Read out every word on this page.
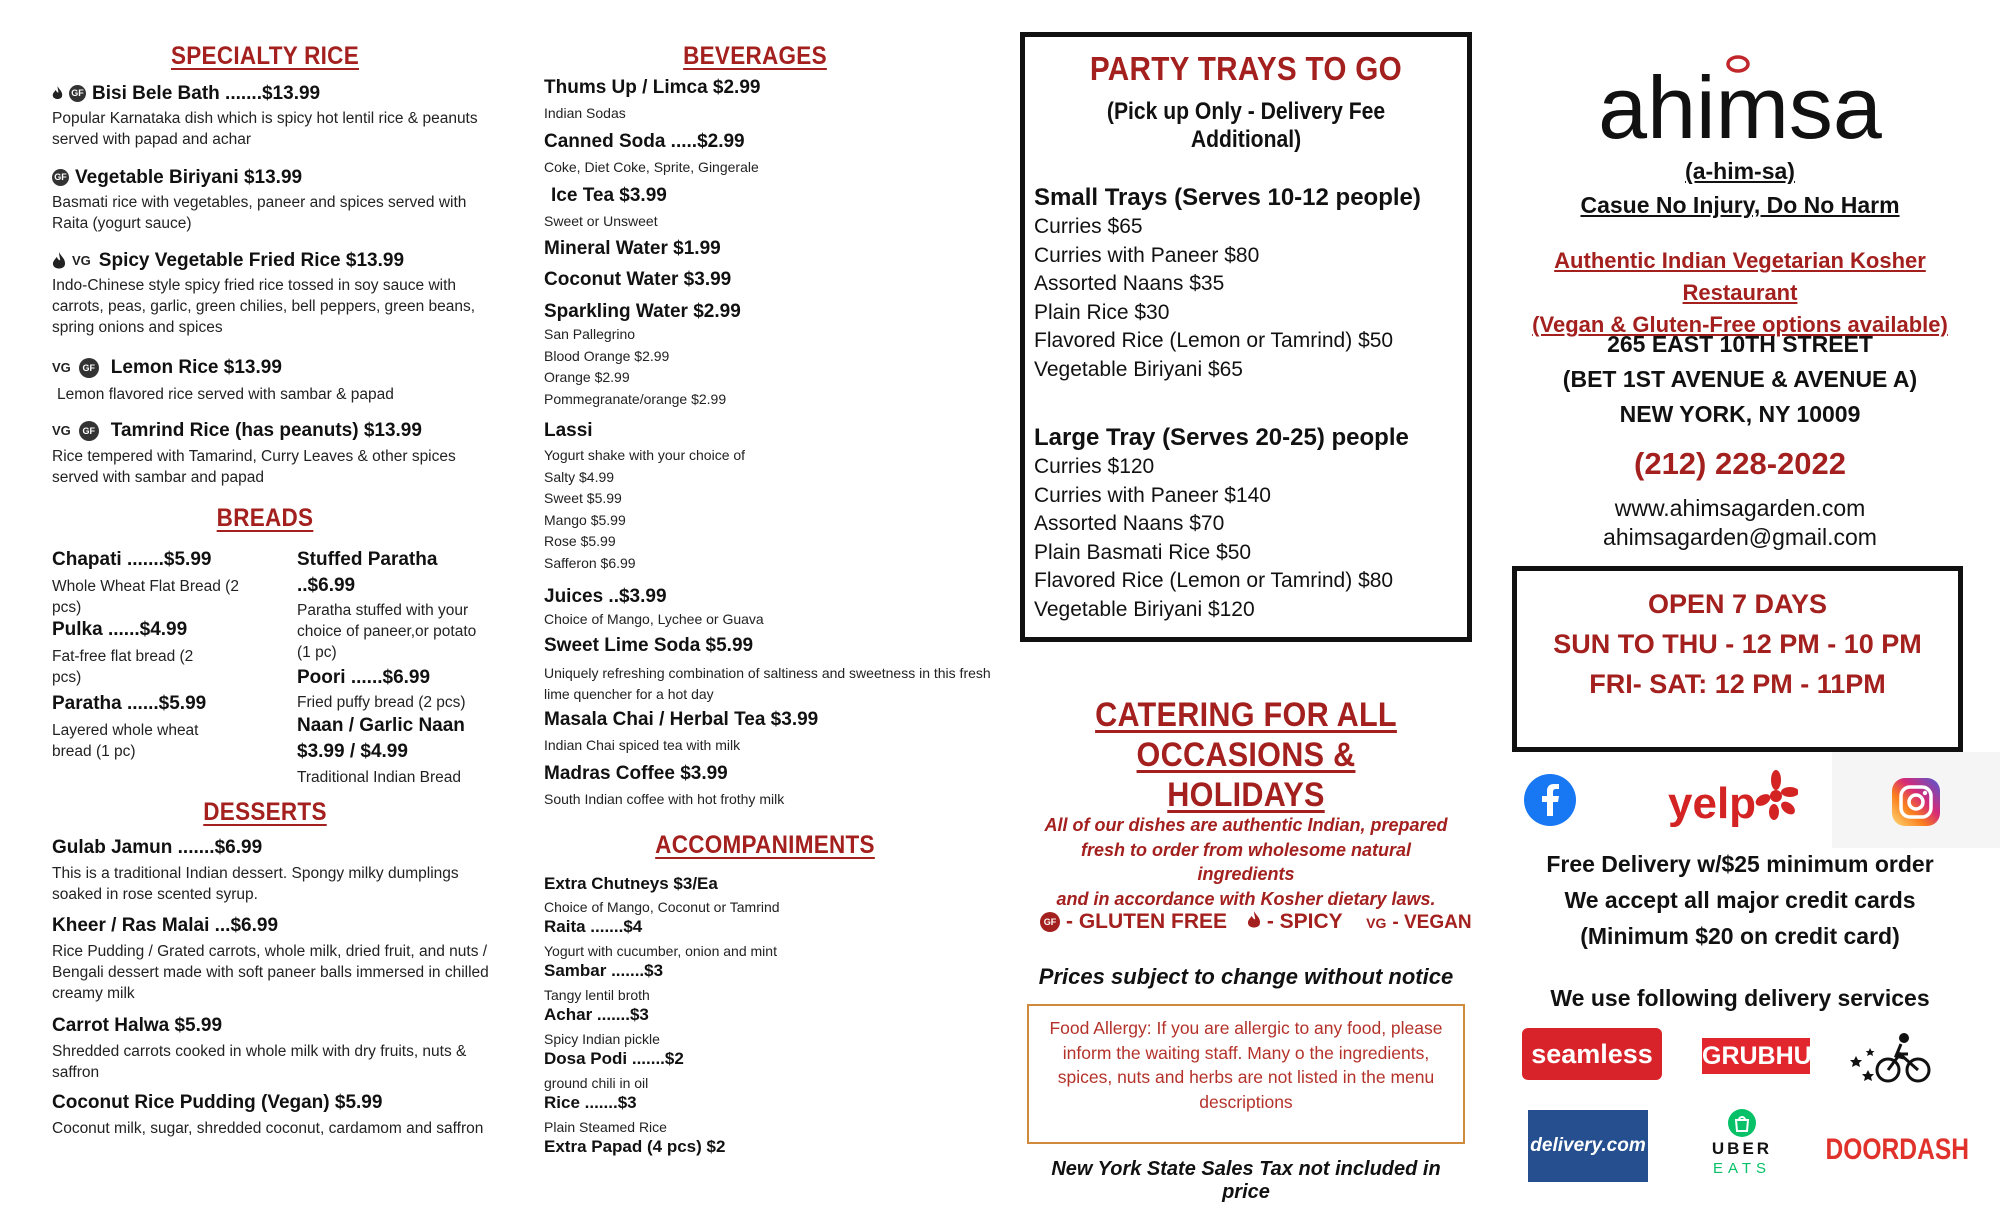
SPECIALTY RICE
GF Bisi Bele Bath .......$13.99
Popular Karnataka dish which is spicy hot lentil rice & peanuts served with papad and achar
GF Vegetable Biriyani $13.99
Basmati rice with vegetables, paneer and spices served with Raita (yogurt sauce)
VG Spicy Vegetable Fried Rice $13.99
Indo-Chinese style spicy fried rice tossed in soy sauce with carrots, peas, garlic, green chilies, bell peppers, green beans, spring onions and spices
VG GF Lemon Rice $13.99
Lemon flavored rice served with sambar & papad
VG GF Tamrind Rice (has peanuts) $13.99
Rice tempered with Tamarind, Curry Leaves & other spices served with sambar and papad
BREADS
Chapati .......$5.99
Whole Wheat Flat Bread (2 pcs)
Pulka ......$4.99
Fat-free flat bread (2 pcs)
Paratha ......$5.99
Layered whole wheat bread (1 pc)
Stuffed Paratha
..$6.99
Paratha stuffed with your choice of paneer,or potato (1 pc)
Poori ......$6.99
Fried puffy bread (2 pcs)
Naan / Garlic Naan
$3.99 / $4.99
Traditional Indian Bread
DESSERTS
Gulab Jamun .......$6.99
This is a traditional Indian dessert. Spongy milky dumplings soaked in rose scented syrup.
Kheer / Ras Malai ...$6.99
Rice Pudding / Grated carrots, whole milk, dried fruit, and nuts / Bengali dessert made with soft paneer balls immersed in chilled creamy milk
Carrot Halwa $5.99
Shredded carrots cooked in whole milk with dry fruits, nuts & saffron
Coconut Rice Pudding (Vegan) $5.99
Coconut milk, sugar, shredded coconut, cardamom and saffron
BEVERAGES
Thums Up / Limca $2.99
Indian Sodas
Canned Soda .....$2.99
Coke, Diet Coke, Sprite, Gingerale
Ice Tea $3.99
Sweet or Unsweet
Mineral Water $1.99
Coconut Water $3.99
Sparkling Water $2.99
San Pallegrino
Blood Orange $2.99
Orange $2.99
Pommegranate/orange $2.99
Lassi
Yogurt shake with your choice of
Salty $4.99
Sweet $5.99
Mango $5.99
Rose $5.99
Safferon $6.99
Juices ..$3.99
Choice of Mango, Lychee or Guava
Sweet Lime Soda $5.99
Uniquely refreshing combination of saltiness and sweetness in this fresh lime quencher for a hot day
Masala Chai / Herbal Tea $3.99
Indian Chai spiced tea with milk
Madras Coffee $3.99
South Indian coffee with hot frothy milk
ACCOMPANIMENTS
Extra Chutneys $3/Ea
Choice of Mango, Coconut or Tamrind
Raita .......$4
Yogurt with cucumber, onion and mint
Sambar .......$3
Tangy lentil broth
Achar .......$3
Spicy Indian pickle
Dosa Podi .......$2
ground chili in oil
Rice .......$3
Plain Steamed Rice
Extra Papad (4 pcs) $2
PARTY TRAYS TO GO
(Pick up Only - Delivery Fee Additional)
Small Trays (Serves 10-12 people)
Curries $65
Curries with Paneer $80
Assorted Naans $35
Plain Rice $30
Flavored Rice (Lemon or Tamrind) $50
Vegetable Biriyani $65
Large Tray (Serves 20-25) people
Curries $120
Curries with Paneer $140
Assorted Naans $70
Plain Basmati Rice $50
Flavored Rice (Lemon or Tamrind) $80
Vegetable Biriyani $120
CATERING FOR ALL
OCCASIONS & HOLIDAYS
All of our dishes are authentic Indian, prepared
fresh to order from wholesome natural ingredients
and in accordance with Kosher dietary laws.
GF - GLUTEN FREE - SPICY VG - VEGAN
Prices subject to change without notice
Food Allergy: If you are allergic to any food, please inform the waiting staff. Many o the ingredients, spices, nuts and herbs are not listed in the menu descriptions
New York State Sales Tax not included in price
ahimsa
(a-him-sa)
Casue No Injury, Do No Harm
Authentic Indian Vegetarian Kosher Restaurant
(Vegan & Gluten-Free options available)
265 EAST 10TH STREET
(BET 1ST AVENUE & AVENUE A)
NEW YORK, NY 10009
(212) 228-2022
www.ahimsagarden.com
ahimsagarden@gmail.com
OPEN 7 DAYS
SUN TO THU - 12 PM - 10 PM
FRI- SAT: 12 PM - 11PM
yelp
Free Delivery w/$25 minimum order
We accept all major credit cards
(Minimum $20 on credit card)
We use following delivery services
seamless	GRUBHUB
delivery.com	UBER
EATS
DOORDASH
